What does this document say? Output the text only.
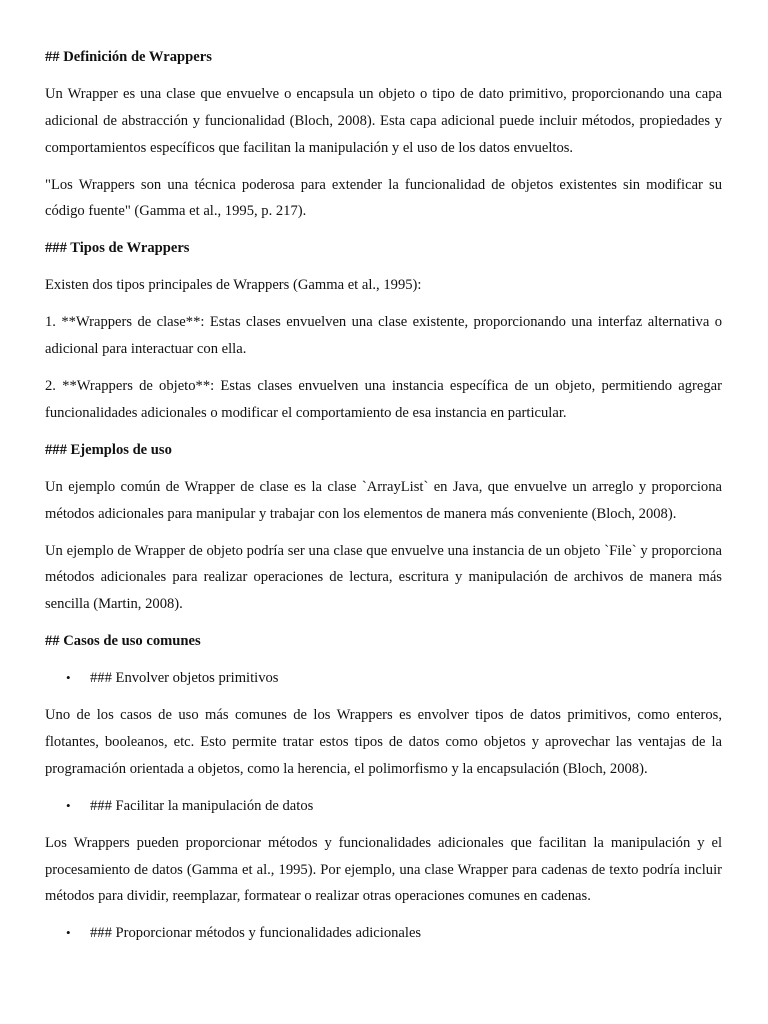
## Definición de Wrappers
Un Wrapper es una clase que envuelve o encapsula un objeto o tipo de dato primitivo, proporcionando una capa adicional de abstracción y funcionalidad (Bloch, 2008). Esta capa adicional puede incluir métodos, propiedades y comportamientos específicos que facilitan la manipulación y el uso de los datos envueltos.
"Los Wrappers son una técnica poderosa para extender la funcionalidad de objetos existentes sin modificar su código fuente" (Gamma et al., 1995, p. 217).
### Tipos de Wrappers
Existen dos tipos principales de Wrappers (Gamma et al., 1995):
1. **Wrappers de clase**: Estas clases envuelven una clase existente, proporcionando una interfaz alternativa o adicional para interactuar con ella.
2. **Wrappers de objeto**: Estas clases envuelven una instancia específica de un objeto, permitiendo agregar funcionalidades adicionales o modificar el comportamiento de esa instancia en particular.
### Ejemplos de uso
Un ejemplo común de Wrapper de clase es la clase `ArrayList` en Java, que envuelve un arreglo y proporciona métodos adicionales para manipular y trabajar con los elementos de manera más conveniente (Bloch, 2008).
Un ejemplo de Wrapper de objeto podría ser una clase que envuelve una instancia de un objeto `File` y proporciona métodos adicionales para realizar operaciones de lectura, escritura y manipulación de archivos de manera más sencilla (Martin, 2008).
## Casos de uso comunes
• ### Envolver objetos primitivos
Uno de los casos de uso más comunes de los Wrappers es envolver tipos de datos primitivos, como enteros, flotantes, booleanos, etc. Esto permite tratar estos tipos de datos como objetos y aprovechar las ventajas de la programación orientada a objetos, como la herencia, el polimorfismo y la encapsulación (Bloch, 2008).
• ### Facilitar la manipulación de datos
Los Wrappers pueden proporcionar métodos y funcionalidades adicionales que facilitan la manipulación y el procesamiento de datos (Gamma et al., 1995). Por ejemplo, una clase Wrapper para cadenas de texto podría incluir métodos para dividir, reemplazar, formatear o realizar otras operaciones comunes en cadenas.
• ### Proporcionar métodos y funcionalidades adicionales
